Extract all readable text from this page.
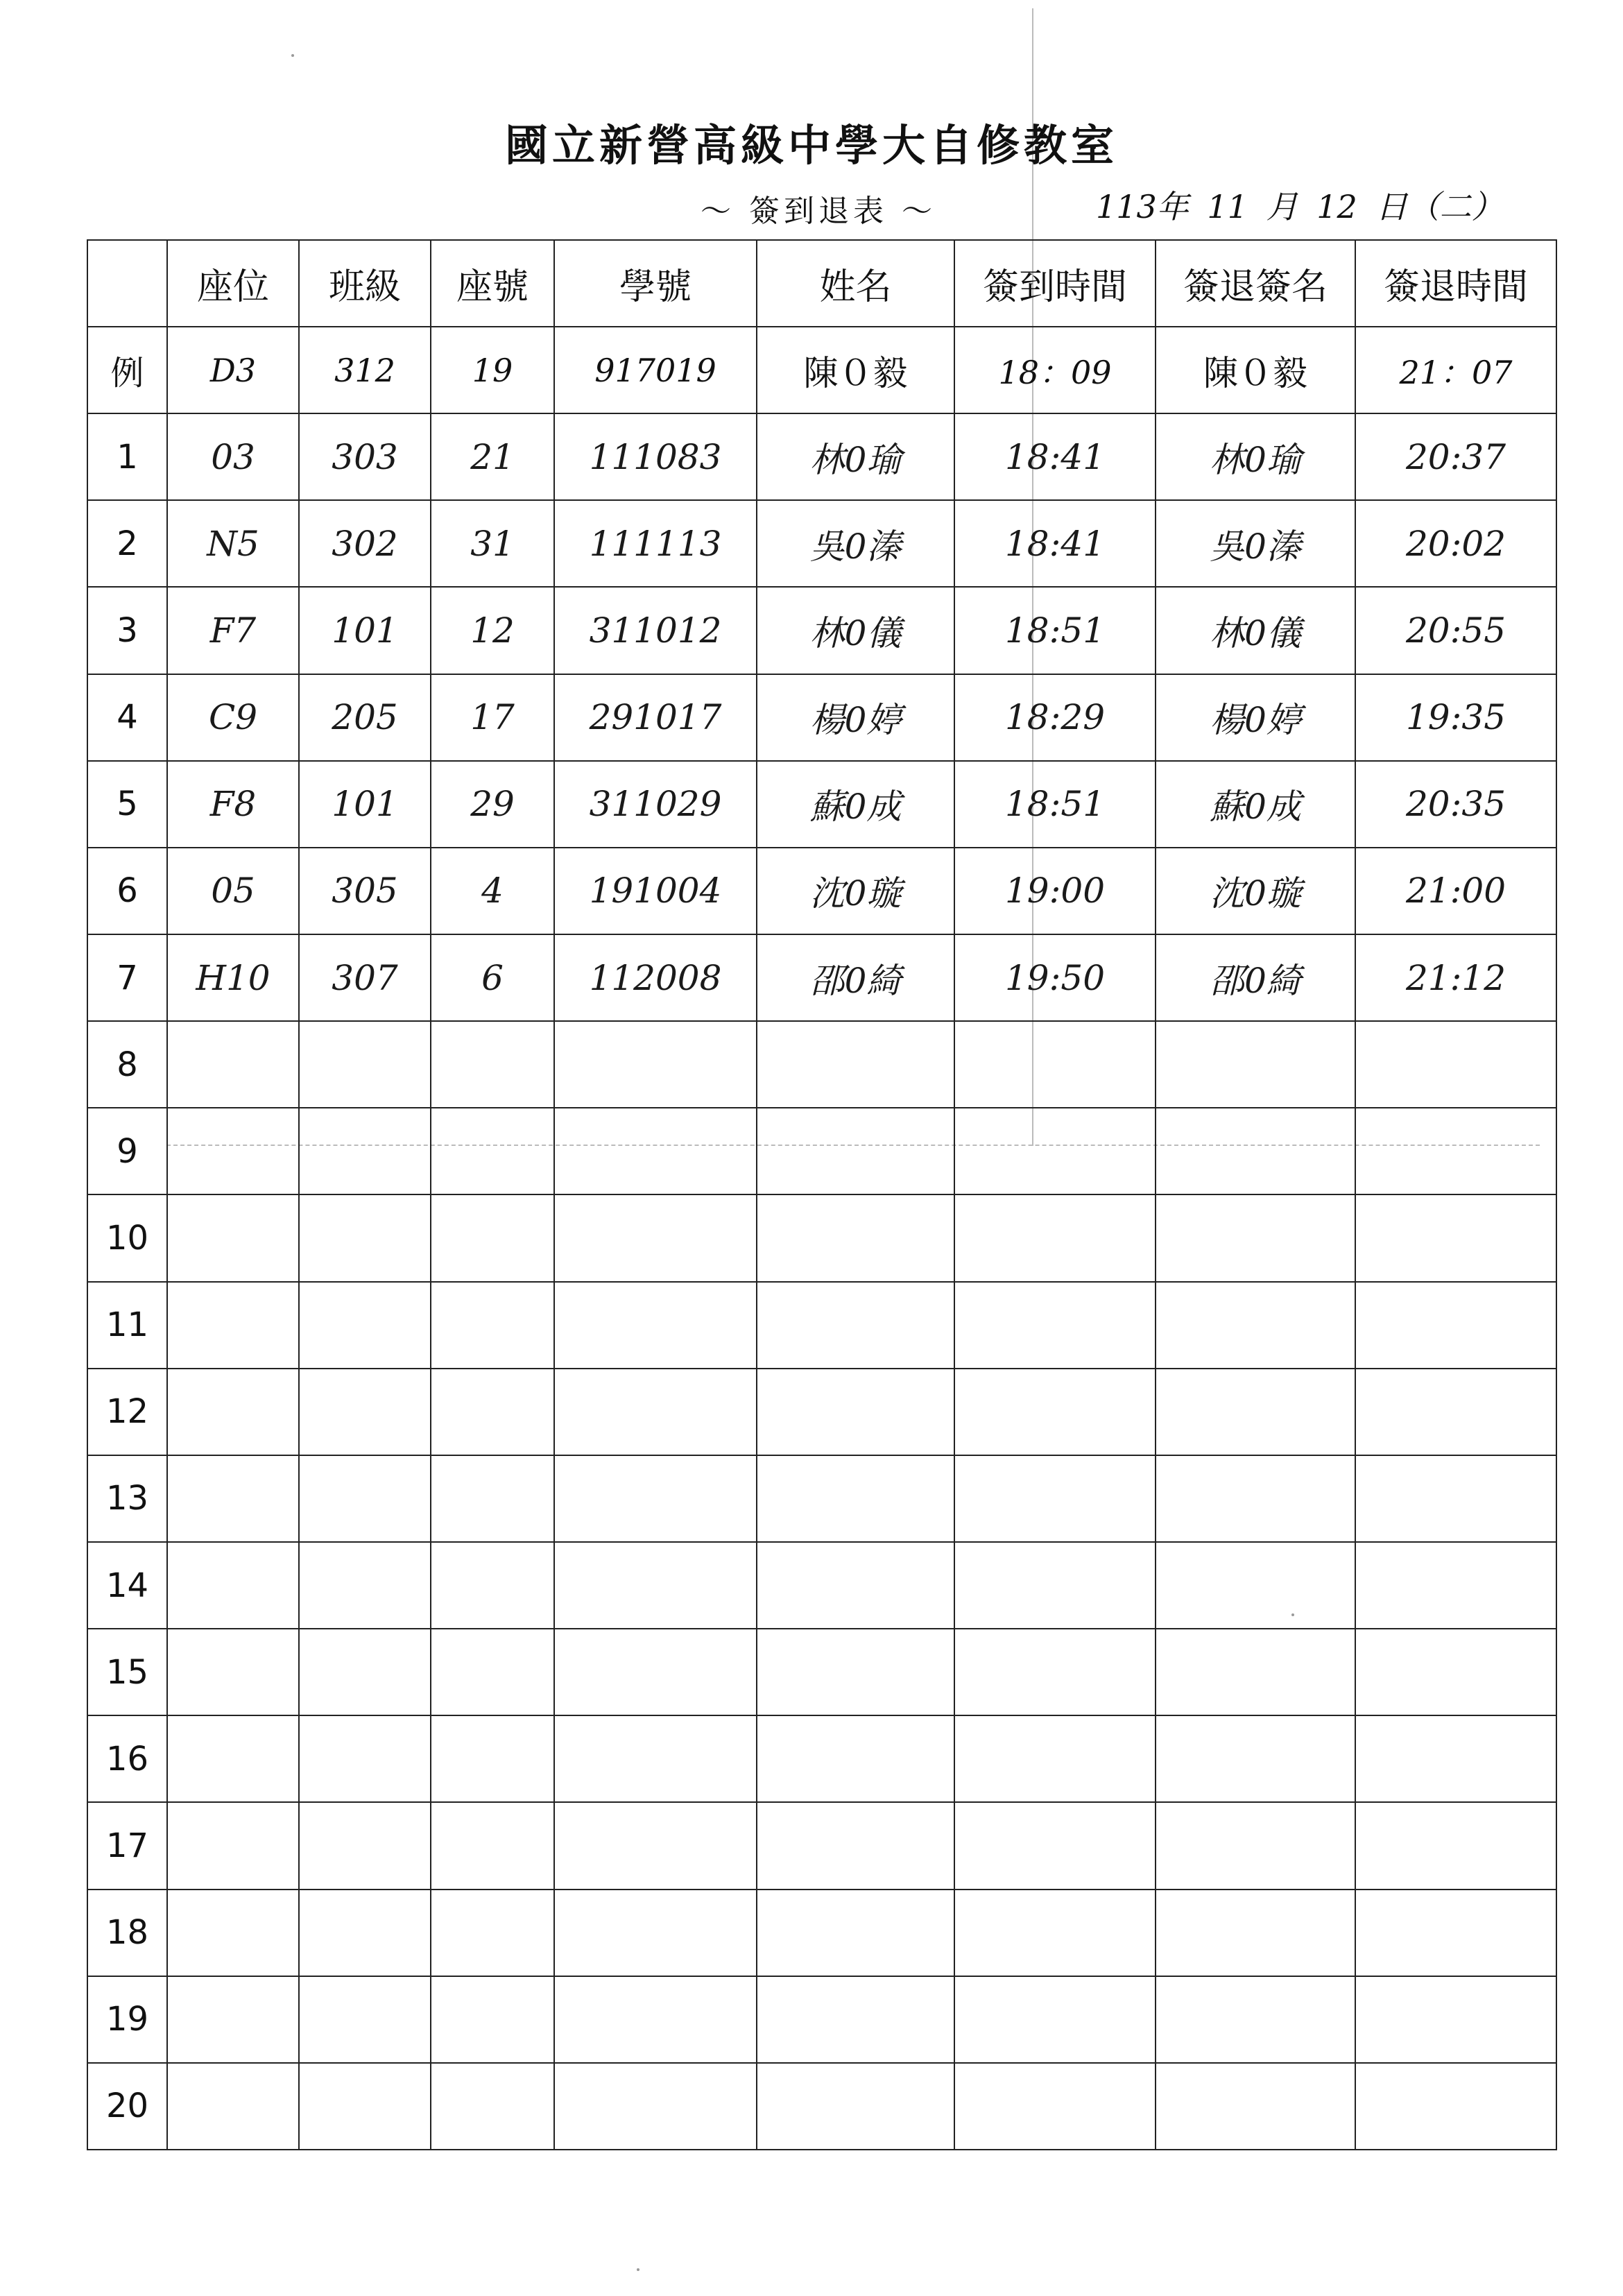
國立新營高級中學大自修教室
～ 簽到退表 ～	113年 11 月 12 日（二）
	座位	班級	座號	學號	姓名	簽到時間	簽退簽名	簽退時間
例	D3	312	19	917019	陳０毅	18：09	陳０毅	21：07
1	03	303	21	111083	林0瑜	18:41	林0瑜	20:37
2	N5	302	31	111113	吳0溱	18:41	吳0溱	20:02
3	F7	101	12	311012	林0儀	18:51	林0儀	20:55
4	C9	205	17	291017	楊0婷	18:29	楊0婷	19:35
5	F8	101	29	311029	蘇0成	18:51	蘇0成	20:35
6	05	305	4	191004	沈0璇	19:00	沈0璇	21:00
7	H10	307	6	112008	邵0綺	19:50	邵0綺	21:12
8								
9								
10								
11								
12								
13								
14								
15								
16								
17								
18								
19								
20								
